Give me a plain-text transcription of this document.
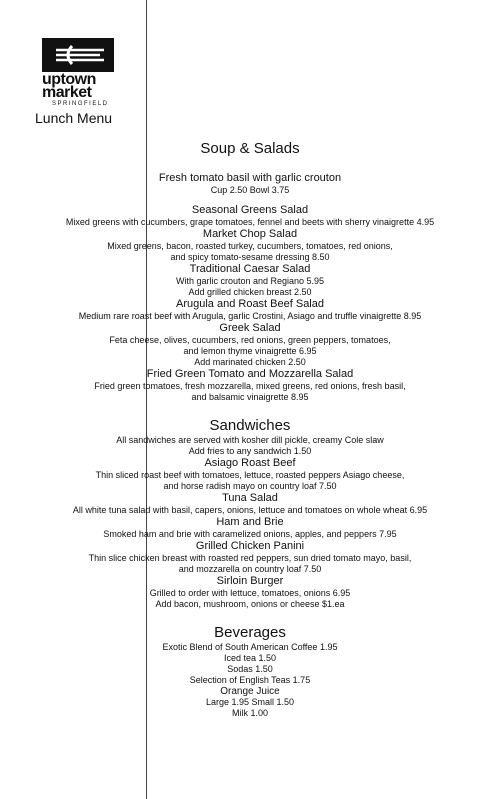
uptown
market
SPRINGFIELD
Lunch Menu
Soup & Salads
Fresh tomato basil with garlic crouton
Cup 2.50 Bowl 3.75
Seasonal Greens Salad
Mixed greens with cucumbers, grape tomatoes, fennel and beets with sherry vinaigrette 4.95
Market Chop Salad
Mixed greens, bacon, roasted turkey, cucumbers, tomatoes, red onions,
and spicy tomato-sesame dressing 8.50
Traditional Caesar Salad
With garlic crouton and Regiano 5.95
Add grilled chicken breast 2.50
Arugula and Roast Beef Salad
Medium rare roast beef with Arugula, garlic Crostini, Asiago and truffle vinaigrette 8.95
Greek Salad
Feta cheese, olives, cucumbers, red onions, green peppers, tomatoes,
and lemon thyme vinaigrette 6.95
Add marinated chicken 2.50
Fried Green Tomato and Mozzarella Salad
Fried green tomatoes, fresh mozzarella, mixed greens, red onions, fresh basil,
and balsamic vinaigrette 8.95
Sandwiches
All sandwiches are served with kosher dill pickle, creamy Cole slaw
Add fries to any sandwich 1.50
Asiago Roast Beef
Thin sliced roast beef with tomatoes, lettuce, roasted peppers Asiago cheese,
and horse radish mayo on country loaf 7.50
Tuna Salad
All white tuna salad with basil, capers, onions, lettuce and tomatoes on whole wheat 6.95
Ham and Brie
Smoked ham and brie with caramelized onions, apples, and peppers 7.95
Grilled Chicken Panini
Thin slice chicken breast with roasted red peppers, sun dried tomato mayo, basil,
and mozzarella on country loaf 7.50
Sirloin Burger
Grilled to order with lettuce, tomatoes, onions 6.95
Add bacon, mushroom, onions or cheese $1.ea
Beverages
Exotic Blend of South American Coffee 1.95
Iced tea 1.50
Sodas 1.50
Selection of English Teas 1.75
Orange Juice
Large 1.95 Small 1.50
Milk 1.00
